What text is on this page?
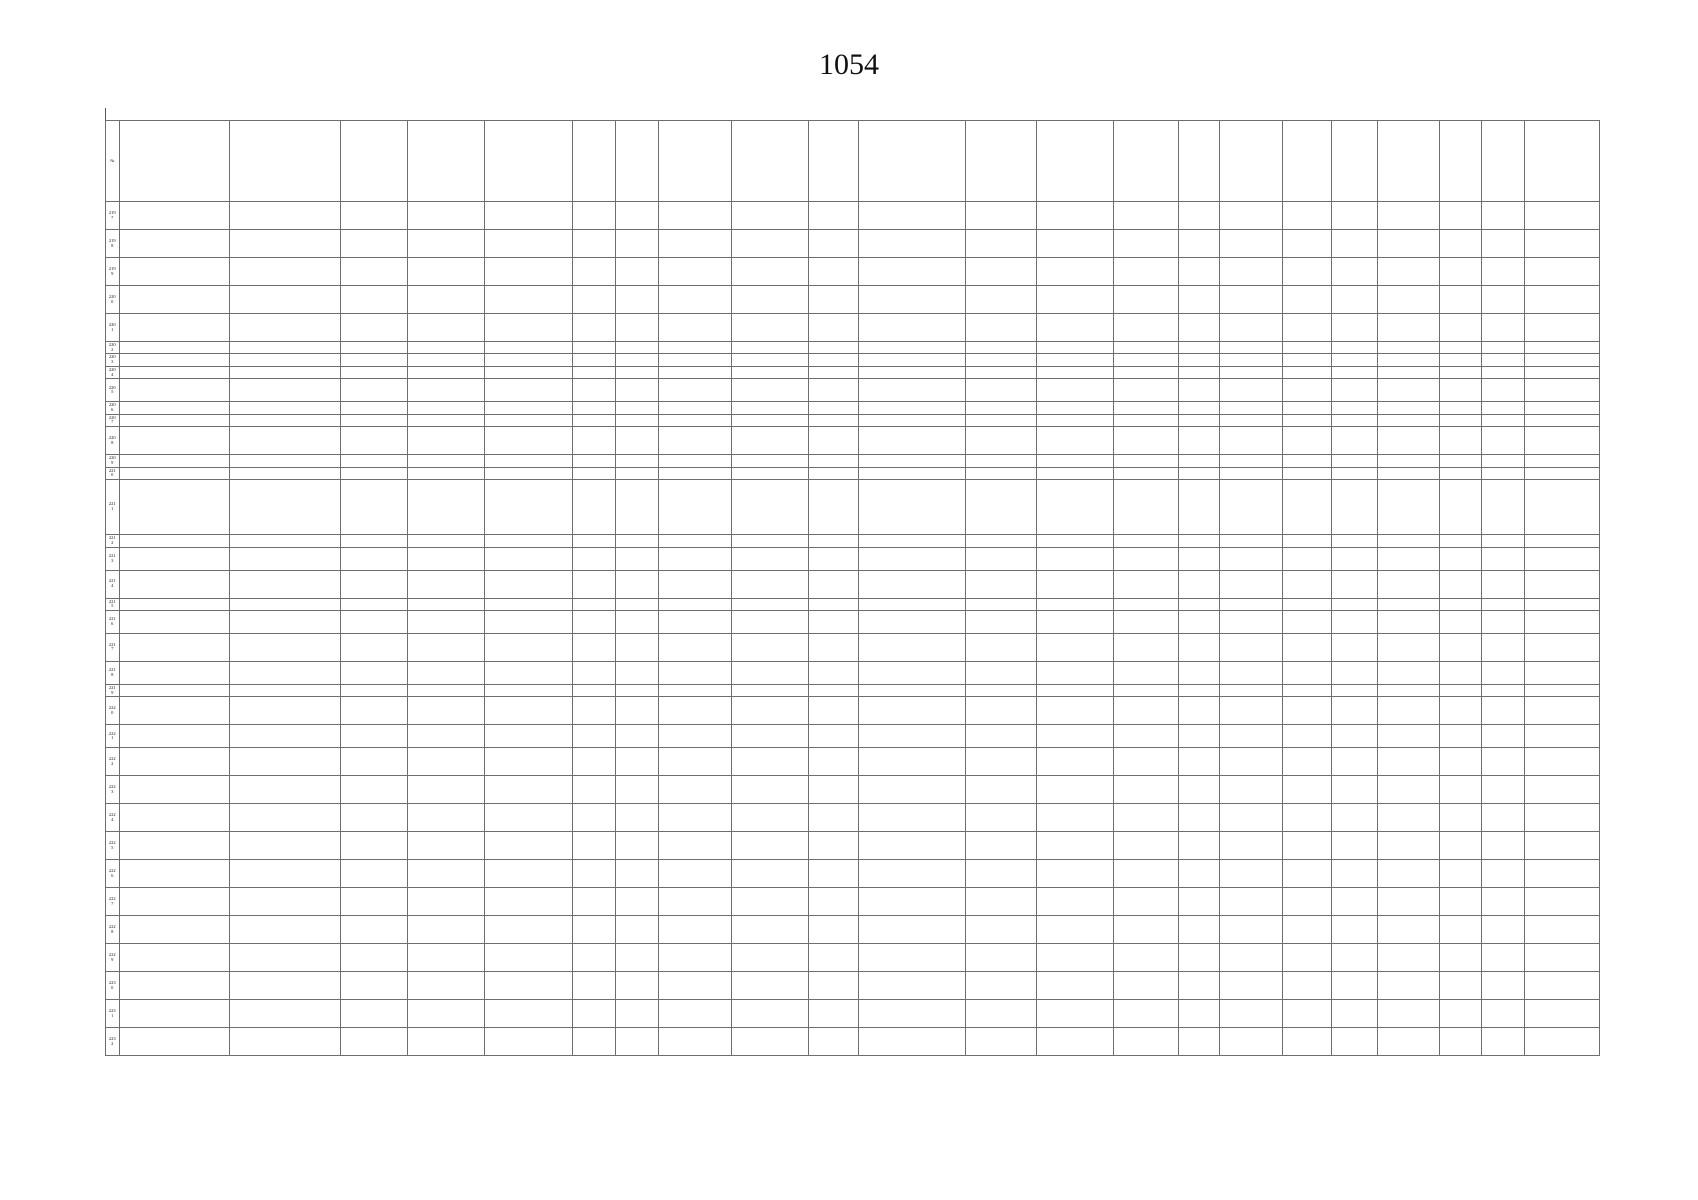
1054
№																								
2197																								
2198																								
2199																								
2200																								
2201																								
2202																								
2203																								
2204																								
2205																								
2206																								
2207																								
2208																								
2209																								
2210																								
2211																								
2212																								
2213																								
2214																								
2215																								
2216																								
2217																								
2218																								
2219																								
2220																								
2221																								
2222																								
2223																								
2224																								
2225																								
2226																								
2227																								
2228																								
2229																								
2230																								
2231																								
2232																								
